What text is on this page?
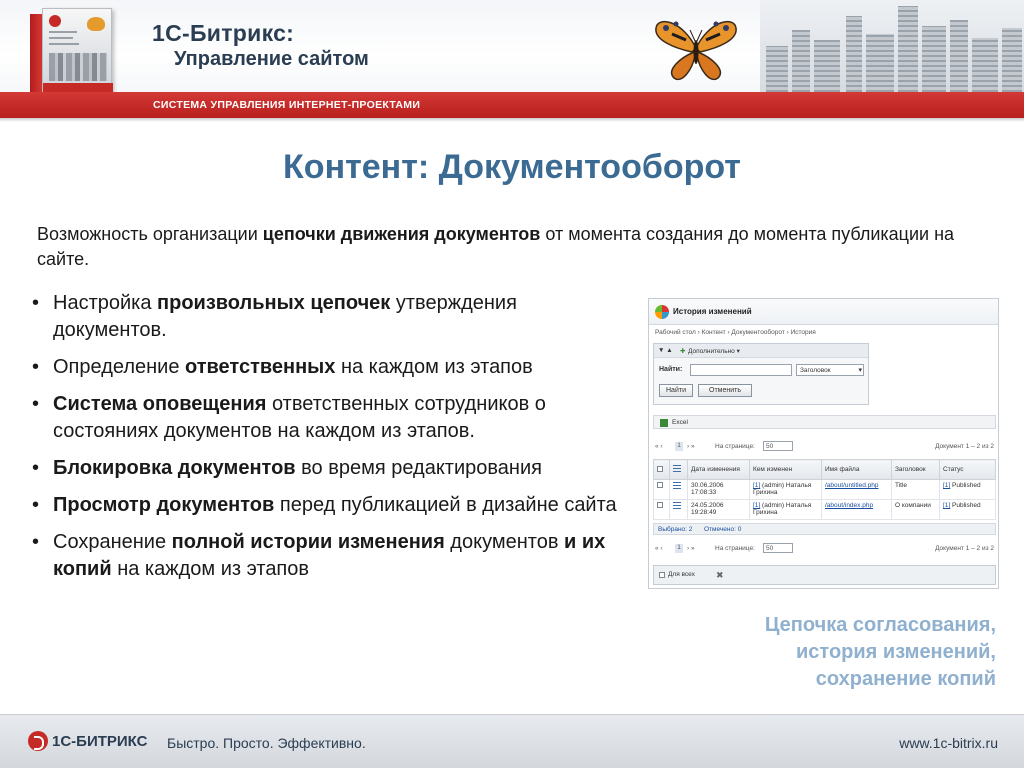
1С-Битрикс:
Управление сайтом
СИСТЕМА УПРАВЛЕНИЯ ИНТЕРНЕТ-ПРОЕКТАМИ
Контент: Документооборот

Возможность организации цепочки движения документов от момента создания до момента публикации на сайте.

• Настройка произвольных цепочек утверждения документов.
• Определение ответственных на каждом из этапов
• Система оповещения ответственных сотрудников о состояниях документов на каждом из этапов.
• Блокировка документов во время редактирования
• Просмотр документов перед публикацией в дизайне сайта
• Сохранение полной истории изменения документов и их копий на каждом из этапов
История изменений
Рабочий стол › Контент › Документооборот › История
▼ ▲ ✚ Дополнительно ▾
Найти:	Заголовок ▾
Найти	Отменить
Excel
« ‹	1 › »	На странице:	50	Документ 1 – 2 из 2
		Дата изменения	Кем изменен	Имя файла	Заголовок	Статус
		30.06.2006 17:08:33	[1] (admin) Наталья Грихина	/about/untitled.php	Title	[1] Published
		24.05.2006 19:28:49	[1] (admin) Наталья Грихина	/about/index.php	О компании	[1] Published
Выбрано: 2 Отмечено: 0
« ‹	1 › »	На странице:	50	Документ 1 – 2 из 2
Для всех ✖
Цепочка согласования,
история изменений,
сохранение копий
1С-БИТРИКС Быстро. Просто. Эффективно.	www.1c-bitrix.ru
